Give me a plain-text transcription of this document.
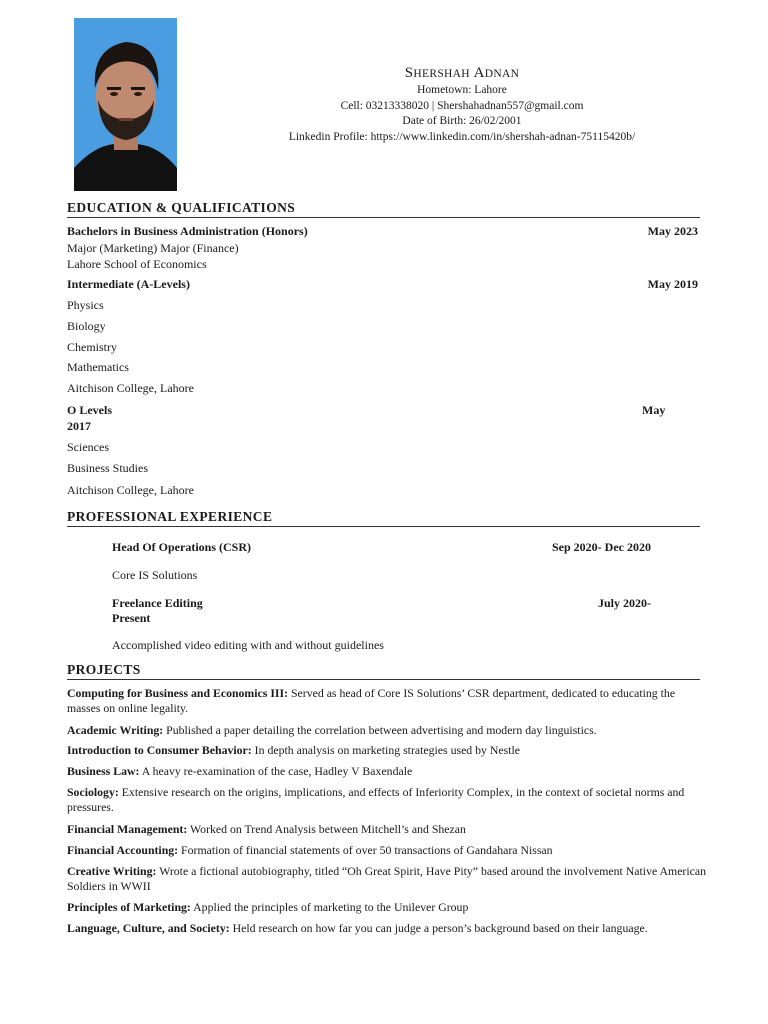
SHERSHAH ADNAN
Hometown: Lahore
Cell: 03213338020 | Shershahadnan557@gmail.com
Date of Birth: 26/02/2001
Linkedin Profile: https://www.linkedin.com/in/shershah-adnan-75115420b/
EDUCATION & QUALIFICATIONS
Bachelors in Business Administration (Honors)	May 2023
Major (Marketing) Major (Finance)
Lahore School of Economics
Intermediate (A-Levels)	May 2019
Physics
Biology
Chemistry
Mathematics
Aitchison College, Lahore
O Levels	May
2017
Sciences
Business Studies
Aitchison College, Lahore
PROFESSIONAL EXPERIENCE
Head Of Operations (CSR)	Sep 2020- Dec 2020
Core IS Solutions
Freelance Editing	July 2020-
Present
Accomplished video editing with and without guidelines
PROJECTS
Computing for Business and Economics III: Served as head of Core IS Solutions’ CSR department, dedicated to educating the masses on online legality.
Academic Writing: Published a paper detailing the correlation between advertising and modern day linguistics.
Introduction to Consumer Behavior: In depth analysis on marketing strategies used by Nestle
Business Law: A heavy re-examination of the case, Hadley V Baxendale
Sociology: Extensive research on the origins, implications, and effects of Inferiority Complex, in the context of societal norms and pressures.
Financial Management: Worked on Trend Analysis between Mitchell’s and Shezan
Financial Accounting: Formation of financial statements of over 50 transactions of Gandahara Nissan
Creative Writing: Wrote a fictional autobiography, titled “Oh Great Spirit, Have Pity” based around the involvement Native American Soldiers in WWII
Principles of Marketing: Applied the principles of marketing to the Unilever Group
Language, Culture, and Society: Held research on how far you can judge a person’s background based on their language.
